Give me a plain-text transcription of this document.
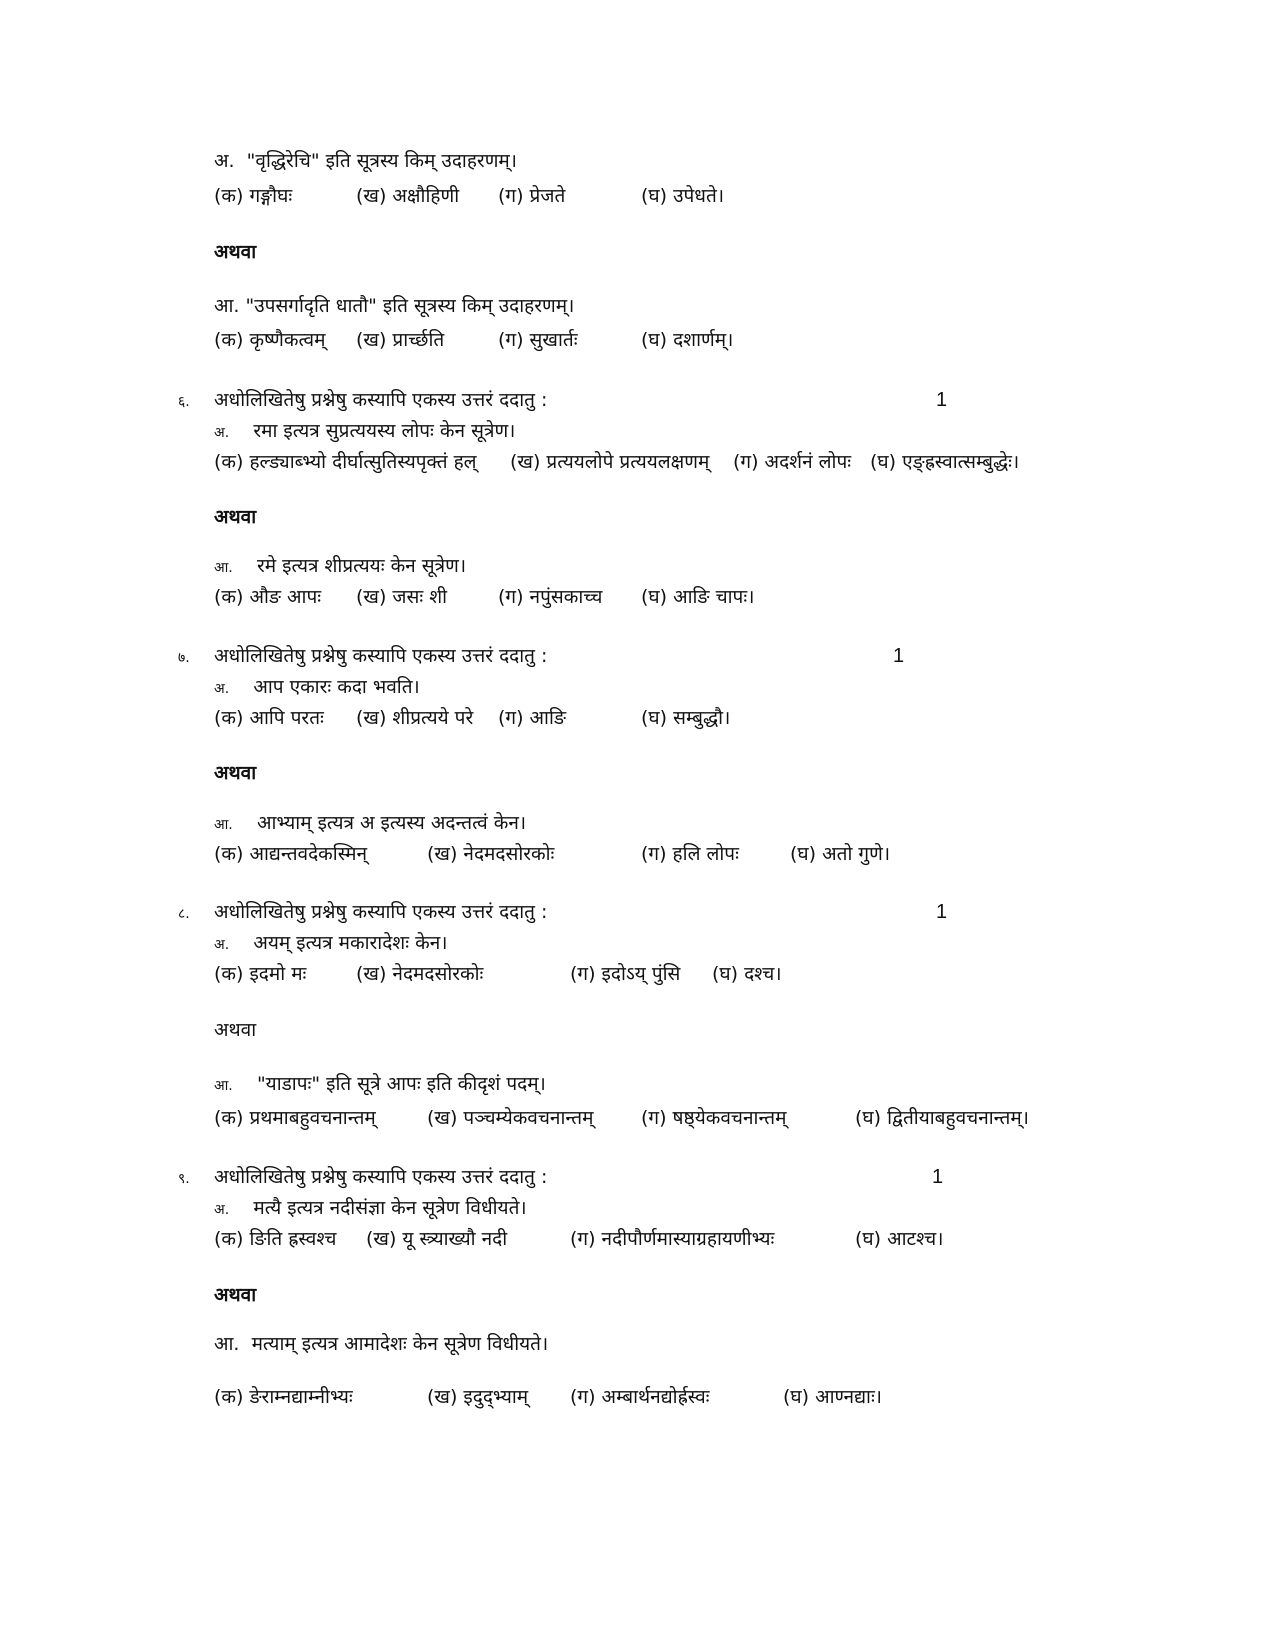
अ. "वृद्धिरेचि" इति सूत्रस्य किम् उदाहरणम्।
(क) गङ्गौघः	(ख) अक्षौहिणी (ग) प्रेजते	(घ) उपेधते।
अथवा
आ. "उपसर्गादृति धातौ" इति सूत्रस्य किम् उदाहरणम्।
(क) कृष्णैकत्वम् (ख) प्रार्च्छति	(ग) सुखार्तः	(घ) दशार्णम्।
६. अधोलिखितेषु प्रश्नेषु कस्यापि एकस्य उत्तरं ददातु :	1
अ. रमा इत्यत्र सुप्रत्ययस्य लोपः केन सूत्रेण।
(क) हल्ड्याब्भ्यो दीर्घात्सुतिस्यपृक्तं हल् (ख) प्रत्ययलोपे प्रत्ययलक्षणम् (ग) अदर्शनं लोपः (घ) एङ्ह्रस्वात्सम्बुद्धेः।
अथवा
आ. रमे इत्यत्र शीप्रत्ययः केन सूत्रेण।
(क) औङ आपः (ख) जसः शी	(ग) नपुंसकाच्च (घ) आङि चापः।
७. अधोलिखितेषु प्रश्नेषु कस्यापि एकस्य उत्तरं ददातु :	1
अ. आप एकारः कदा भवति।
(क) आपि परतः (ख) शीप्रत्यये परे (ग) आङि	(घ) सम्बुद्धौ।
अथवा
आ. आभ्याम् इत्यत्र अ इत्यस्य अदन्तत्वं केन।
(क) आद्यन्तवदेकस्मिन्	(ख) नेदमदसोरकोः	(ग) हलि लोपः	(घ) अतो गुणे।
८. अधोलिखितेषु प्रश्नेषु कस्यापि एकस्य उत्तरं ददातु :	1
अ. अयम् इत्यत्र मकारादेशः केन।
(क) इदमो मः	(ख) नेदमदसोरकोः	(ग) इदोऽय् पुंसि (घ) दश्च।
अथवा
आ. "याडापः" इति सूत्रे आपः इति कीदृशं पदम्।
(क) प्रथमाबहुवचनान्तम्	(ख) पञ्चम्येकवचनान्तम्	(ग) षष्ठ्येकवचनान्तम्	(घ) द्वितीयाबहुवचनान्तम्।
९. अधोलिखितेषु प्रश्नेषु कस्यापि एकस्य उत्तरं ददातु :	1
अ. मत्यै इत्यत्र नदीसंज्ञा केन सूत्रेण विधीयते।
(क) ङिति ह्रस्वश्च (ख) यू स्त्र्याख्यौ नदी	(ग) नदीपौर्णमास्याग्रहायणीभ्यः	(घ) आटश्च।
अथवा
आ. मत्याम् इत्यत्र आमादेशः केन सूत्रेण विधीयते।
(क) ङेराम्नद्याम्नीभ्यः	(ख) इदुद्भ्याम् (ग) अम्बार्थनद्योर्ह्रस्वः	(घ) आण्नद्याः।
